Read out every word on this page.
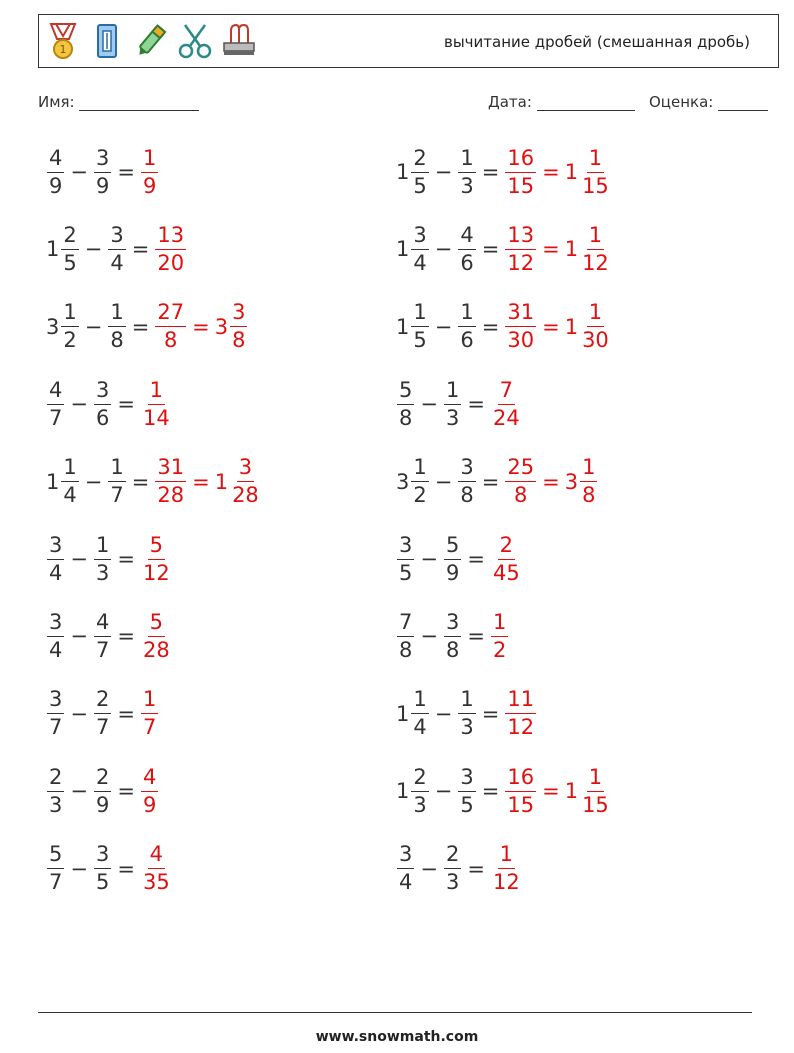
1	вычитание дробей (смешанная дробь)
Имя:	Дата:	Оценка:
$\frac{4}{9} - \frac{3}{9} = \frac{1}{9}$	$1 \frac{2}{5} - \frac{1}{3} = \frac{16}{15} = 1 \frac{1}{15}$
$1 \frac{2}{5} - \frac{3}{4} = \frac{13}{20}$	$1 \frac{3}{4} - \frac{4}{6} = \frac{13}{12} = 1 \frac{1}{12}$
$3 \frac{1}{2} - \frac{1}{8} = \frac{27}{8} = 3 \frac{3}{8}$	$1 \frac{1}{5} - \frac{1}{6} = \frac{31}{30} = 1 \frac{1}{30}$
$\frac{4}{7} - \frac{3}{6} = \frac{1}{14}$	$\frac{5}{8} - \frac{1}{3} = \frac{7}{24}$
$1 \frac{1}{4} - \frac{1}{7} = \frac{31}{28} = 1 \frac{3}{28}$	$3 \frac{1}{2} - \frac{3}{8} = \frac{25}{8} = 3 \frac{1}{8}$
$\frac{3}{4} - \frac{1}{3} = \frac{5}{12}$	$\frac{3}{5} - \frac{5}{9} = \frac{2}{45}$
$\frac{3}{4} - \frac{4}{7} = \frac{5}{28}$	$\frac{7}{8} - \frac{3}{8} = \frac{1}{2}$
$\frac{3}{7} - \frac{2}{7} = \frac{1}{7}$	$1 \frac{1}{4} - \frac{1}{3} = \frac{11}{12}$
$\frac{2}{3} - \frac{2}{9} = \frac{4}{9}$	$1 \frac{2}{3} - \frac{3}{5} = \frac{16}{15} = 1 \frac{1}{15}$
$\frac{5}{7} - \frac{3}{5} = \frac{4}{35}$	$\frac{3}{4} - \frac{2}{3} = \frac{1}{12}$
www.snowmath.com
